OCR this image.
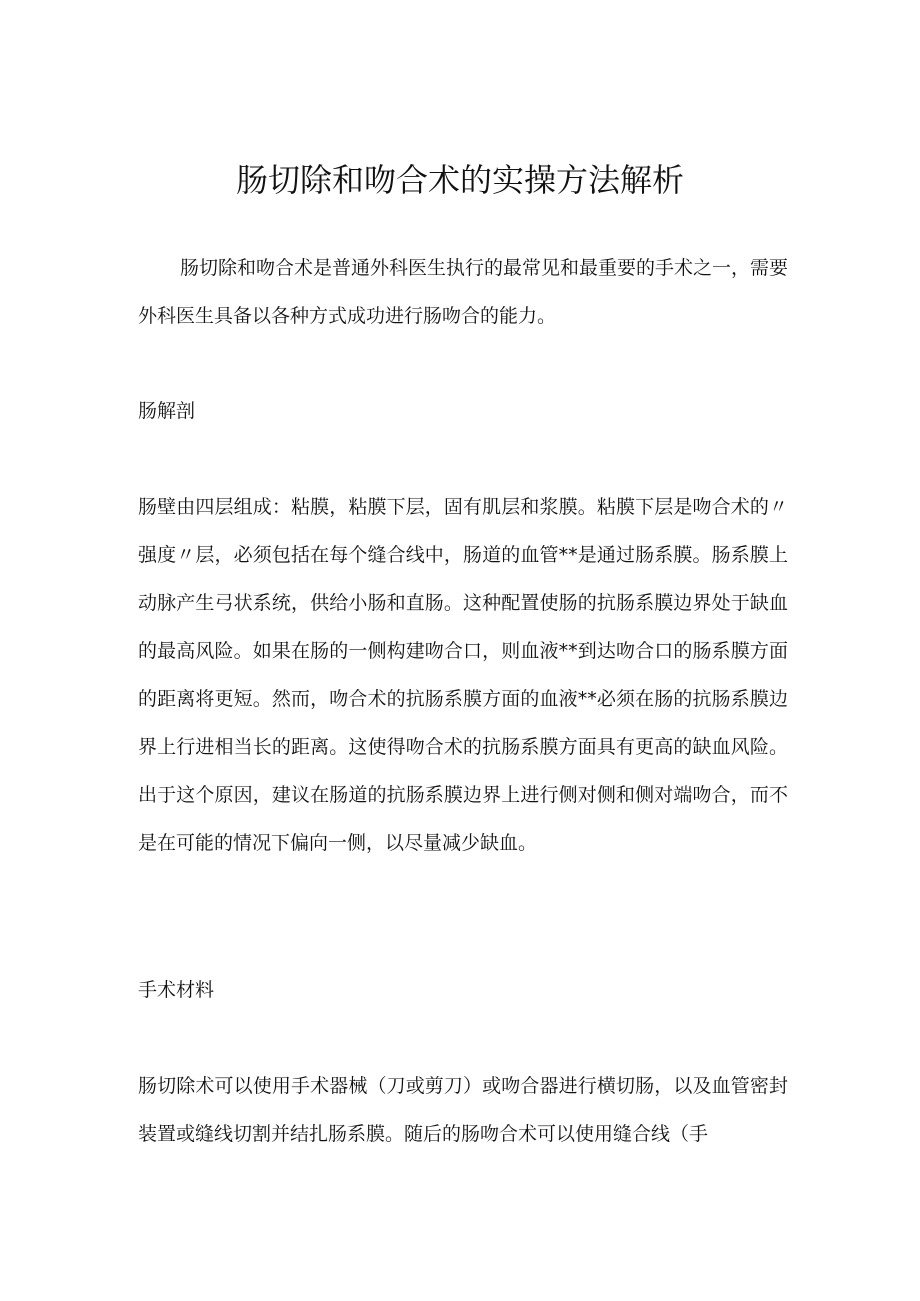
肠切除和吻合术的实操方法解析

肠切除和吻合术是普通外科医生执行的最常见和最重要的手术之一，需要外科医生具备以各种方式成功进行肠吻合的能力。

肠解剖

肠壁由四层组成：粘膜，粘膜下层，固有肌层和浆膜。粘膜下层是吻合术的〃强度〃层，必须包括在每个缝合线中，肠道的血管**是通过肠系膜。肠系膜上动脉产生弓状系统，供给小肠和直肠。这种配置使肠的抗肠系膜边界处于缺血的最高风险。如果在肠的一侧构建吻合口，则血液**到达吻合口的肠系膜方面的距离将更短。然而，吻合术的抗肠系膜方面的血液**必须在肠的抗肠系膜边界上行进相当长的距离。这使得吻合术的抗肠系膜方面具有更高的缺血风险。出于这个原因，建议在肠道的抗肠系膜边界上进行侧对侧和侧对端吻合，而不是在可能的情况下偏向一侧，以尽量减少缺血。

手术材料

肠切除术可以使用手术器械（刀或剪刀）或吻合器进行横切肠，以及血管密封装置或缝线切割并结扎肠系膜。随后的肠吻合术可以使用缝合线（手
